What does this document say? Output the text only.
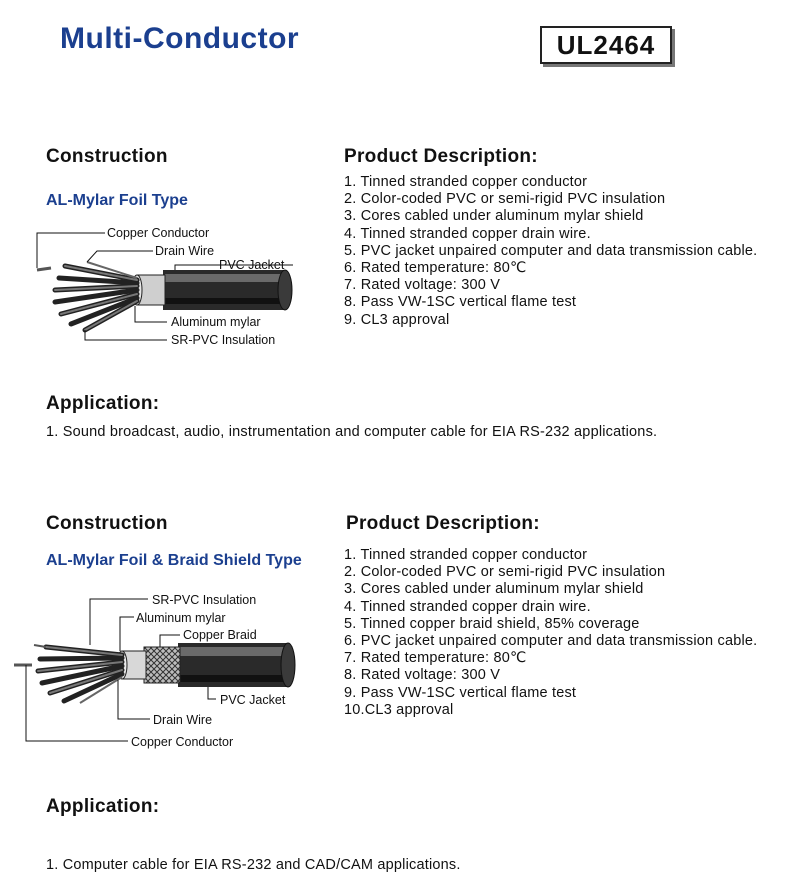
Multi-Conductor	UL2464
Construction
AL-Mylar Foil Type
Product Description:
1. Tinned stranded copper conductor
2. Color-coded PVC or semi-rigid PVC insulation
3. Cores cabled under aluminum mylar shield
4. Tinned stranded copper drain wire.
5. PVC jacket unpaired computer and data transmission cable.
6. Rated temperature: 80℃
7. Rated voltage: 300 V
8. Pass VW-1SC vertical flame test
9. CL3 approval
Copper Conductor
Drain Wire
PVC Jacket
Aluminum mylar
SR-PVC Insulation
Application:
1. Sound broadcast, audio, instrumentation and computer cable for EIA RS-232 applications.
Construction
AL-Mylar Foil & Braid Shield Type
Product Description:
1. Tinned stranded copper conductor
2. Color-coded PVC or semi-rigid PVC insulation
3. Cores cabled under aluminum mylar shield
4. Tinned stranded copper drain wire.
5. Tinned copper braid shield, 85% coverage
6. PVC jacket unpaired computer and data transmission cable.
7. Rated temperature: 80℃
8. Rated voltage: 300 V
9. Pass VW-1SC vertical flame test
10.CL3 approval
SR-PVC Insulation
Aluminum mylar
Copper Braid
PVC Jacket
Drain Wire
Copper Conductor
Application:
1. Computer cable for EIA RS-232 and CAD/CAM applications.
